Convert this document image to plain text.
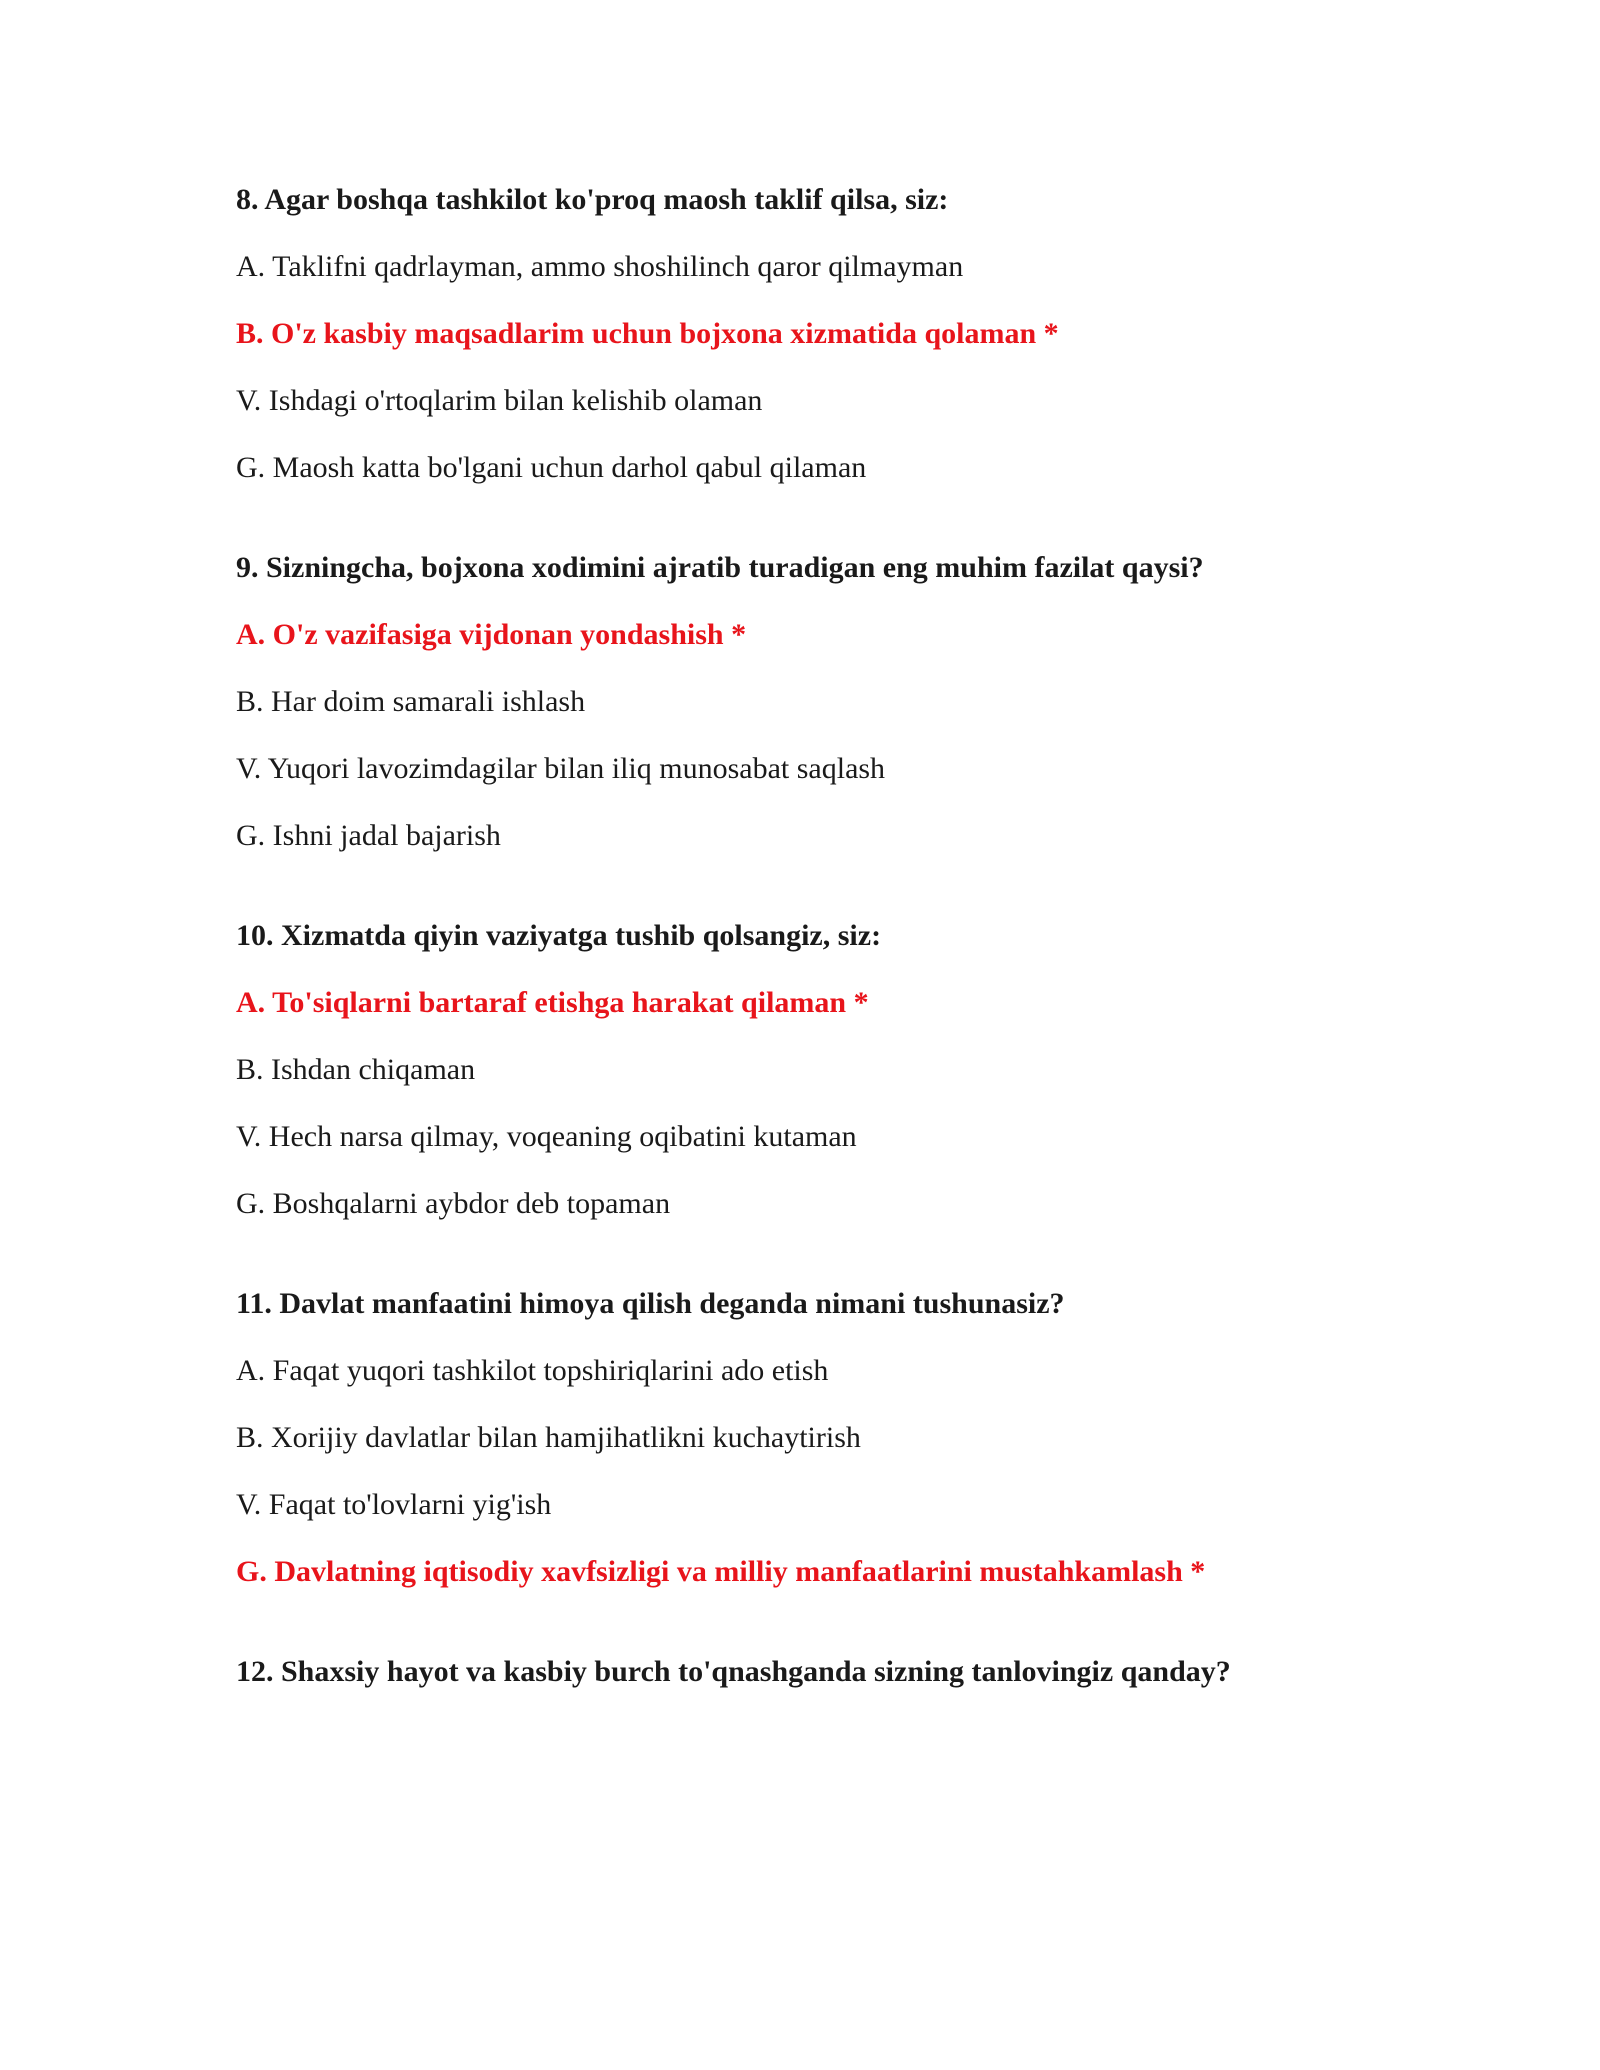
8. Agar boshqa tashkilot ko'proq maosh taklif qilsa, siz:
A. Taklifni qadrlayman, ammo shoshilinch qaror qilmayman
B. O'z kasbiy maqsadlarim uchun bojxona xizmatida qolaman *
V. Ishdagi o'rtoqlarim bilan kelishib olaman
G. Maosh katta bo'lgani uchun darhol qabul qilaman
9. Sizningcha, bojxona xodimini ajratib turadigan eng muhim fazilat qaysi?
A. O'z vazifasiga vijdonan yondashish *
B. Har doim samarali ishlash
V. Yuqori lavozimdagilar bilan iliq munosabat saqlash
G. Ishni jadal bajarish
10. Xizmatda qiyin vaziyatga tushib qolsangiz, siz:
A. To'siqlarni bartaraf etishga harakat qilaman *
B. Ishdan chiqaman
V. Hech narsa qilmay, voqeaning oqibatini kutaman
G. Boshqalarni aybdor deb topaman
11. Davlat manfaatini himoya qilish deganda nimani tushunasiz?
A. Faqat yuqori tashkilot topshiriqlarini ado etish
B. Xorijiy davlatlar bilan hamjihatlikni kuchaytirish
V. Faqat to'lovlarni yig'ish
G. Davlatning iqtisodiy xavfsizligi va milliy manfaatlarini mustahkamlash *
12. Shaxsiy hayot va kasbiy burch to'qnashganda sizning tanlovingiz qanday?
